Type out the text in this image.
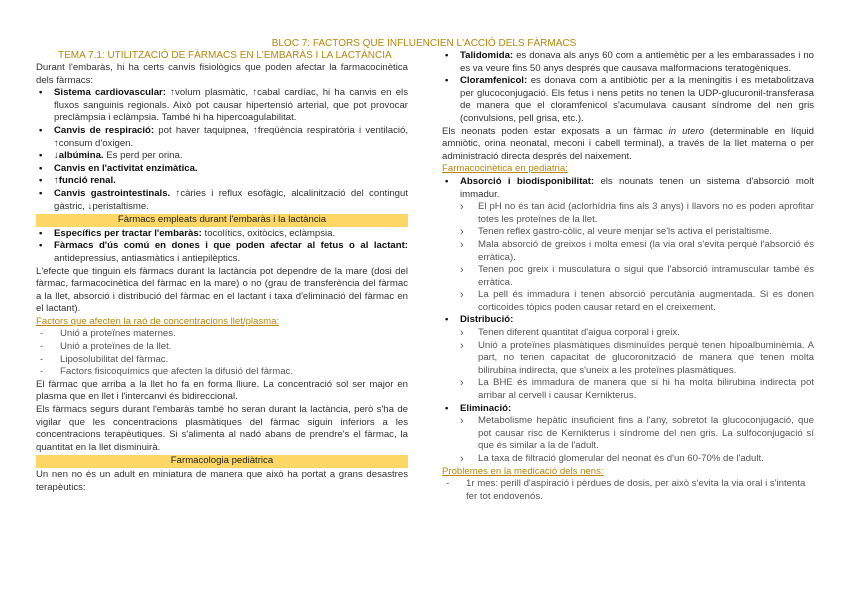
BLOC 7: FACTORS QUE INFLUENCIEN L'ACCIÓ DELS FÀRMACS
TEMA 7.1: UTILITZACIÓ DE FÀRMACS EN L'EMBARÀS I LA LACTÀNCIA

Durant l'embaràs, hi ha certs canvis fisiològics que poden afectar la farmacocinètica dels fàrmacs:

• Sistema cardiovascular: ↑volum plasmàtic, ↑cabal cardíac, hi ha canvis en els fluxos sanguinis regionals. Això pot causar hipertensió arterial, que pot provocar preclàmpsia i eclàmpsia. També hi ha hipercoagulabilitat.
• Canvis de respiració: pot haver taquipnea, ↑freqüència respiratòria i ventilació, ↑consum d'oxigen.
• ↓albúmina. Es perd per orina.
• Canvis en l'activitat enzimàtica.
• ↑funció renal.
• Canvis gastrointestinals. ↑càries i reflux esofàgic, alcalinització del contingut gàstric, ↓peristaltisme.
Fàrmacs empleats durant l'embaràs i la lactància
• Específics per tractar l'embaràs: tocolítics, oxitòcics, eclàmpsia.
• Fàrmacs d'ús comú en dones i que poden afectar al fetus o al lactant: antidepressius, antiasmàtics i antiepilèptics.

L'efecte que tinguin els fàrmacs durant la lactància pot dependre de la mare (dosi del fàrmac, farmacocinètica del fàrmac en la mare) o no (grau de transferència del fàrmac a la llet, absorció i distribució del fàrmac en el lactant i taxa d'eliminació del fàrmac en el lactant).

Factors que afecten la raó de concentracions llet/plasma:
- Unió a proteïnes maternes.
- Unió a proteïnes de la llet.
- Liposolubilitat del fàrmac.
- Factors fisicoquímics que afecten la difusió del fàrmac.

El fàrmac que arriba a la llet ho fa en forma lliure. La concentració sol ser major en plasma que en llet i l'intercanvi és bidireccional.

Els fàrmacs segurs durant l'embaràs també ho seran durant la lactància, però s'ha de vigilar que les concentracions plasmàtiques del fàrmac siguin inferiors a les concentracions terapèutiques. Si s'alimenta al nadó abans de prendre's el fàrmac, la quantitat en la llet disminuirà.

Farmacologia pediàtrica

Un nen no és un adult en miniatura de manera que això ha portat a grans desastres terapèutics:

• Talidomida: es donava als anys 60 com a antiemètic per a les embarassades i no es va veure fins 50 anys després que causava malformacions teratogèniques.
• Cloramfenicol: es donava com a antibiòtic per a la meningitis i es metabolitzava per glucoconjugació. Els fetus i nens petits no tenen la UDP-glucuronil-transferasa de manera que el cloramfenicol s'acumulava causant síndrome del nen gris (convulsions, pell grisa, etc.).

Els neonats poden estar exposats a un fàrmac in utero (determinable en líquid amniòtic, orina neonatal, meconi i cabell terminal), a través de la llet materna o per administració directa després del naixement.

Farmacocinètica en pediatria:
• Absorció i biodisponibilitat: els nounats tenen un sistema d'absorció molt immadur.
› El pH no és tan àcid (aclorhídria fins als 3 anys) i llavors no es poden aprofitar totes les proteïnes de la llet.
› Tenen reflex gastro-còlic, al veure menjar se'ls activa el peristaltisme.
› Mala absorció de greixos i molta emesi (la via oral s'evita perquè l'absorció és erràtica).
› Tenen poc greix i musculatura o sigui que l'absorció intramuscular també és erràtica.
› La pell és immadura i tenen absorció percutània augmentada. Si es donen corticoides tòpics poden causar retard en el creixement.
• Distribució:
› Tenen diferent quantitat d'aigua corporal i greix.
› Unió a proteïnes plasmàtiques disminuïdes perquè tenen hipoalbuminèmia. A part, no tenen capacitat de glucoronització de manera que tenen molta bilirubina indirecta, que s'uneix a les proteïnes plasmàtiques.
› La BHE és immadura de manera que si hi ha molta bilirubina indirecta pot arribar al cervell i causar Kernikterus.
• Eliminació:
› Metabolisme hepàtic insuficient fins a l'any, sobretot la glucoconjugació, que pot causar risc de Kernikterus i síndrome del nen gris. La sulfoconjugació sí que és similar a la de l'adult.
› La taxa de filtració glomerular del neonat és d'un 60-70% de l'adult.
Problemes en la medicació dels nens:
- 1r mes: perill d'aspiració i pèrdues de dosis, per això s'evita la via oral i s'intenta fer tot endovenós.
